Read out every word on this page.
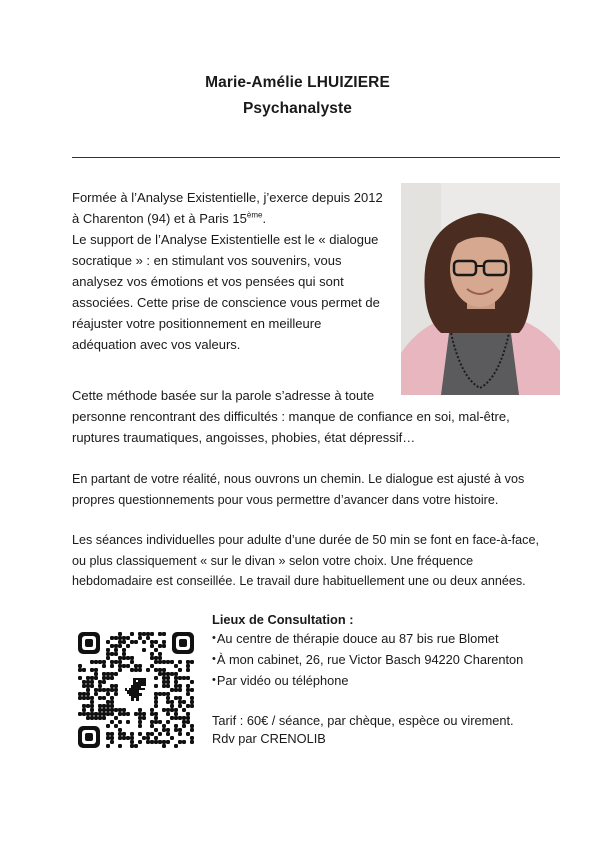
Marie-Amélie LHUIZIERE
Psychanalyste

Formée à l’Analyse Existentielle, j’exerce depuis 2012
à Charenton (94) et à Paris 15ème.
Le support de l’Analyse Existentielle est le « dialogue
socratique » : en stimulant vos souvenirs, vous
analysez vos émotions et vos pensées qui sont
associées. Cette prise de conscience vous permet de
réajuster votre positionnement en meilleure
adéquation avec vos valeurs.

Cette méthode basée sur la parole s’adresse à toute
personne rencontrant des difficultés : manque de confiance en soi, mal-être,
ruptures traumatiques, angoisses, phobies, état dépressif…

En partant de votre réalité, nous ouvrons un chemin. Le dialogue est ajusté à vos
propres questionnements pour vous permettre d’avancer dans votre histoire.

Les séances individuelles pour adulte d’une durée de 50 min se font en face-à-face,
ou plus classiquement « sur le divan » selon votre choix. Une fréquence
hebdomadaire est conseillée. Le travail dure habituellement une ou deux années.

Lieux de Consultation :
•Au centre de thérapie douce au 87 bis rue Blomet
•À mon cabinet, 26, rue Victor Basch 94220 Charenton
•Par vidéo ou téléphone
Tarif : 60€ / séance, par chèque, espèce ou virement.
Rdv par CRENOLIB
